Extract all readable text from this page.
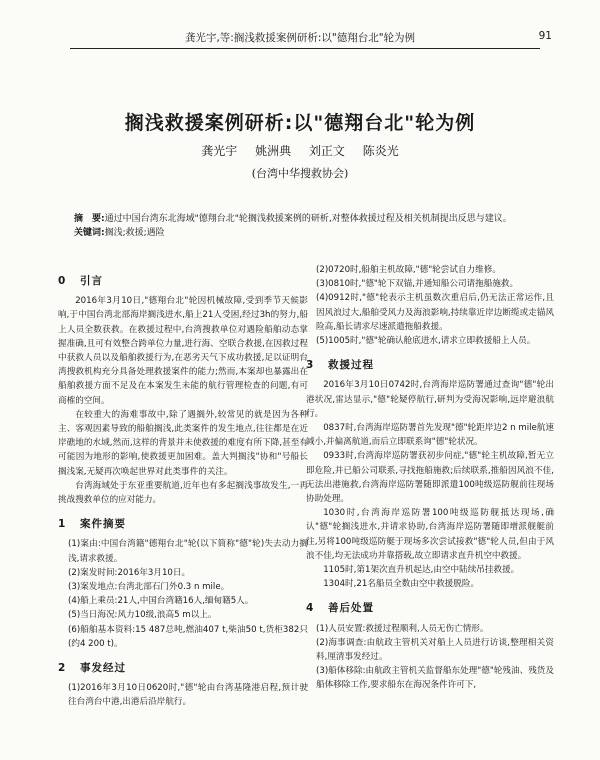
龚光宇,等:搁浅救援案例研析:以"德翔台北"轮为例	91
搁浅救援案例研析:以"德翔台北"轮为例
龚光宇 姚洲典 刘正文 陈炎光
(台湾中华搜救协会)
摘　要:通过中国台湾东北海域"德翔台北"轮搁浅救援案例的研析,对整体救援过程及相关机制提出反思与建议。
关键词:搁浅;救援;遇险
0 引言

2016年3月10日,"德翔台北"轮因机械故障,受到季节天候影响,于中国台湾北部海岸搁浅进水,船上21人受困,经过3h的努力,船上人员全数获救。在救援过程中,台湾搜救单位对遇险船舶动态掌握准确,且可有效整合跨单位力量,进行海、空联合救援,在因救过程中获救人员以及船舶救援行为,在恶劣天气下成功救援,足以证明台湾搜救机构充分具备处理救援案件的能力;然而,本案却也暴露出在船舶救援方面不足及在本案发生未能的航行管理检查的问题,有可商榷的空间。

在较重大的海难事故中,除了遇搁外,较常见的就是因为各种主、客观因素导致的船舶搁浅,此类案件的发生地点,往往都是在近岸礁地的水域,然而,这样的背景并未使救援的难度有所下降,甚至有可能因为地形的影响,使救援更加困难。盖大判搁浅"协和"号船长搁浅案,无疑再次唤起世界对此类事件的关注。

台湾海域处于东亚重要航道,近年也有多起搁浅事故发生,一再挑战搜救单位的应对能力。

1 案件摘要

(1)案由:中国台湾籍"德翔台北"轮(以下简称"德"轮)失去动力搁浅,请求救援。

(2)案发时间:2016年3月10日。

(3)案发地点:台湾北部石门外0.3 n mile。

(4)船上乘员:21人,中国台湾籍16人,缅甸籍5人。

(5)当日海况:风力10级,浪高5 m以上。

(6)船舶基本资料:15 487总吨,燃油407 t,柴油50 t,货柜382只(约4 200 t)。

2 事发经过

(1)2016年3月10日0620时,"德"轮由台湾基隆港启程,预计驶往台湾台中港,出港后沿岸航行。

(2)0720时,船舶主机故障,"德"轮尝试自力维修。

(3)0810时,"德"轮下双锚,并通知船公司请拖船施救。

(4)0912时,"德"轮表示主机虽数次重启后,仍无法正常运作,且因风浪过大,船舶受风力及海浪影响,持续靠近岸边断缆或走锚风险高,船长请求尽速派遣拖船救援。

(5)1005时,"德"轮确认舱底进水,请求立即救援船上人员。

3 救援过程

2016年3月10日0742时,台湾海岸巡防署通过查询"德"轮出港状况,雷达显示,"德"轮疑停航行,研判为受海况影响,远岸避浪航行。

0837时,台湾海岸巡防署首先发现"德"轮距岸边2 n mile航速减小,并偏离航道,而后立即联系询"德"轮状况。

0933时,台湾海岸巡防署获初步问症,"德"轮主机故障,暂无立即危险,并已船公司联系,寻找拖船施救;后续联系,推船因风浪不佳,无法出港施救,台湾海岸巡防署随即派遣100吨级巡防舰前往现场协助处理。

1030时,台湾海岸巡防署100吨级巡防舰抵达现场,确认"德"轮搁浅进水,并请求协助,台湾海岸巡防署随即增派舰艇前往,另将100吨级巡防艇于现场多次尝试接救"德"轮人员,但由于风浪不佳,均无法成功并靠搭载,故立即请求直升机空中救援。

1105时,第1架次直升机起达,由空中陆续吊挂救援。

1304时,21名船员全数由空中救援脱险。

4 善后处置

(1)人员安置:救援过程顺利,人员无伤亡情形。

(2)海事调查:由航政主管机关对船上人员进行访谈,整理相关资料,厘清事发经过。

(3)船体移除:由航政主管机关监督船东处理"德"轮残油、残货及船体移除工作,要求船东在海况条件许可下,
